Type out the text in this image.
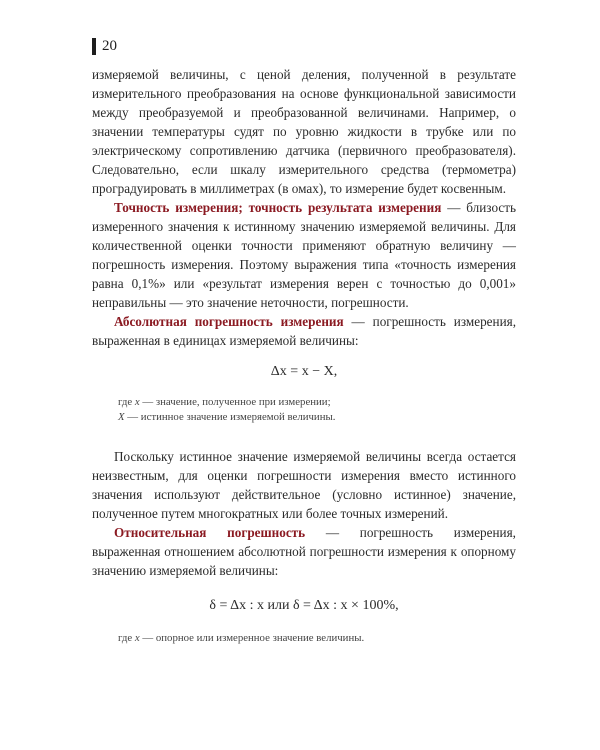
20

измеряемой величины, с ценой деления, полученной в результате измерительного преобразования на основе функциональной зависимости между преобразуемой и преобразованной величинами. Например, о значении температуры судят по уровню жидкости в трубке или по электрическому сопротивлению датчика (первичного преобразователя). Следовательно, если шкалу измерительного средства (термометра) проградуировать в миллиметрах (в омах), то измерение будет косвенным.

Точность измерения; точность результата измерения — близость измеренного значения к истинному значению измеряемой величины. Для количественной оценки точности применяют обратную величину — погрешность измерения. Поэтому выражения типа «точность измерения равна 0,1%» или «результат измерения верен с точностью до 0,001» неправильны — это значение неточности, погрешности.

Абсолютная погрешность измерения — погрешность измерения, выраженная в единицах измеряемой величины:

Δx = x − X,

где x — значение, полученное при измерении;

X — истинное значение измеряемой величины.

Поскольку истинное значение измеряемой величины всегда остается неизвестным, для оценки погрешности измерения вместо истинного значения используют действительное (условно истинное) значение, полученное путем многократных или более точных измерений.

Относительная погрешность — погрешность измерения, выраженная отношением абсолютной погрешности измерения к опорному значению измеряемой величины:

δ = Δx : x или δ = Δx : x × 100%,

где x — опорное или измеренное значение величины.
